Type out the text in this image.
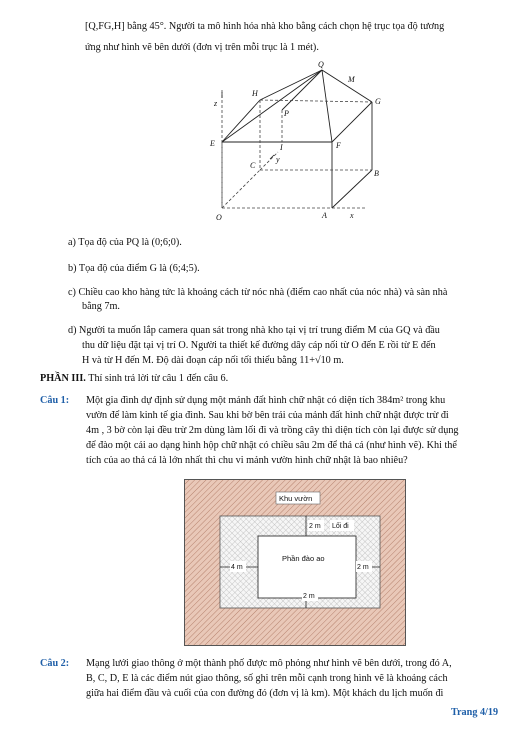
[Q,FG,H] bằng 45°. Người ta mô hình hóa nhà kho bằng cách chọn hệ trục tọa độ tương
ứng như hình vẽ bên dưới (đơn vị trên mỗi trục là 1 mét).
Q
M
H
G
P
z
E	I	F
C
y
B
O	A	x
a) Tọa độ của PQ là (0;6;0).
b) Tọa độ của điểm G là (6;4;5).
c) Chiều cao kho hàng tức là khoảng cách từ nóc nhà (điểm cao nhất của nóc nhà) và sàn nhà
bằng 7m.
d) Người ta muốn lắp camera quan sát trong nhà kho tại vị trí trung điểm M của GQ và đầu
thu dữ liệu đặt tại vị trí O. Người ta thiết kế đường dây cáp nối từ O đến E rồi từ E đến
H và từ H đến M. Độ dài đoạn cáp nối tối thiểu bằng 11+√10 m.
PHẦN III. Thí sinh trả lời từ câu 1 đến câu 6.
Câu 1: Một gia đình dự định sử dụng một mảnh đất hình chữ nhật có diện tích 384m² trong khu
vườn để làm kinh tế gia đình. Sau khi bờ bên trái của mảnh đất hình chữ nhật được trừ đi
4m , 3 bờ còn lại đều trừ 2m dùng làm lối đi và trồng cây thì diện tích còn lại được sử dụng
để đào một cái ao dạng hình hộp chữ nhật có chiều sâu 2m để thả cá (như hình vẽ). Khi thể
tích của ao thả cá là lớn nhất thì chu vi mảnh vườn hình chữ nhật là bao nhiêu?
Khu vườn
2 m Lối đi
Phần đào ao
4 m	2 m
2 m
Câu 2: Mạng lưới giao thông ở một thành phố được mô phỏng như hình vẽ bên dưới, trong đó A,
B, C, D, E là các điểm nút giao thông, số ghi trên mỗi cạnh trong hình vẽ là khoảng cách
giữa hai điểm đầu và cuối của con đường đó (đơn vị là km). Một khách du lịch muốn đi
Trang 4/19
